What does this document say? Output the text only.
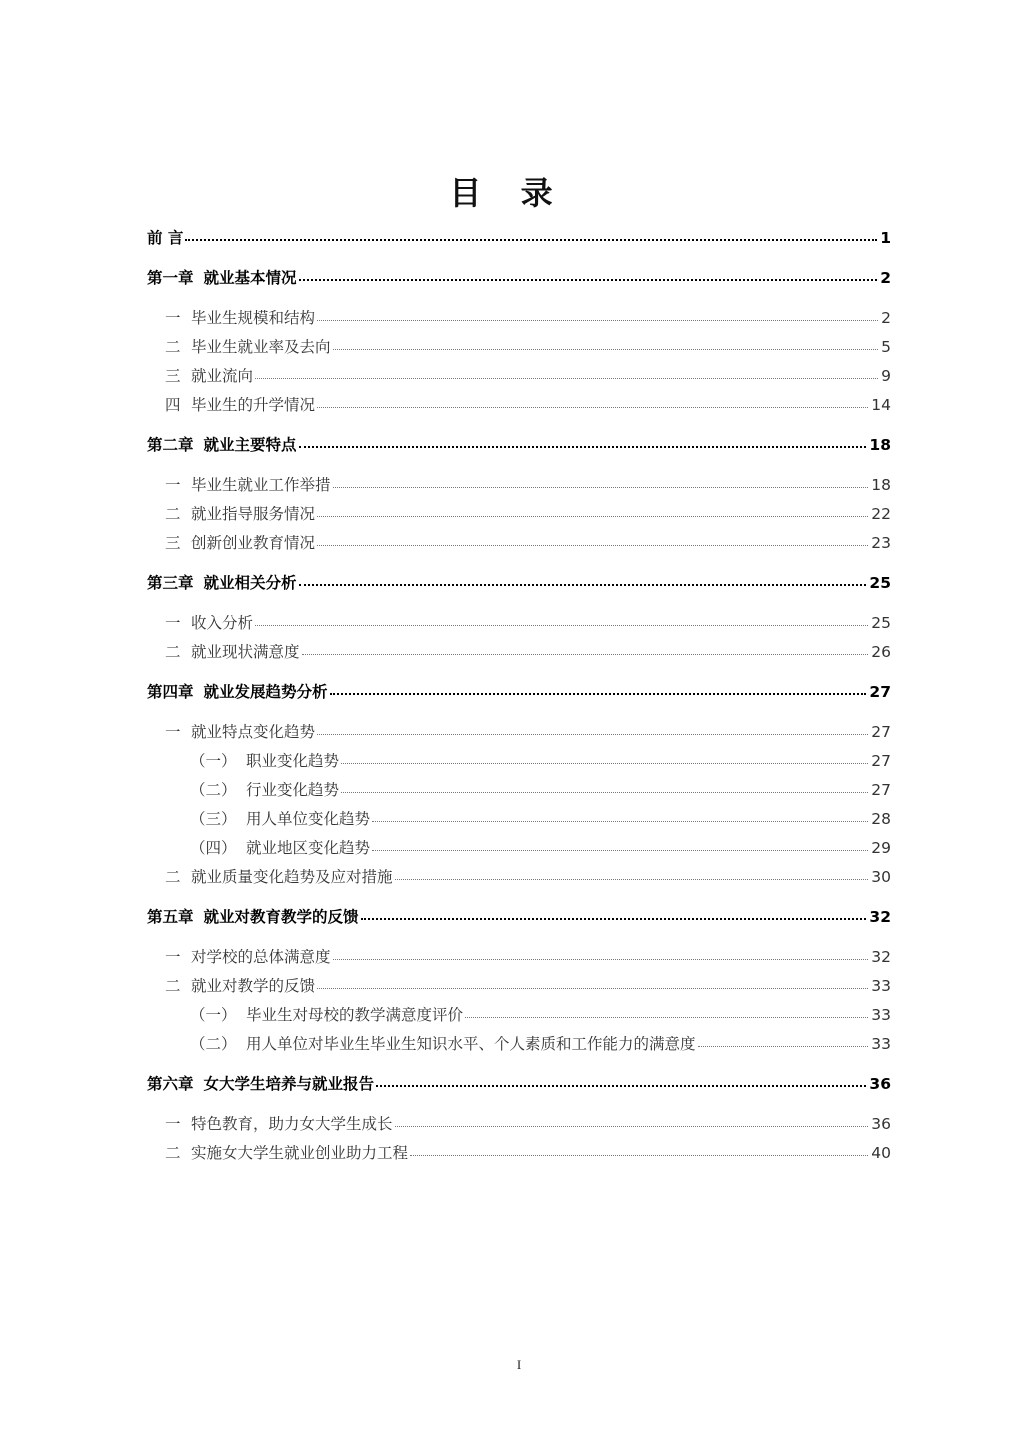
目 录
前 言	1
第一章 就业基本情况	2
一 毕业生规模和结构	2
二 毕业生就业率及去向	5
三 就业流向	9
四 毕业生的升学情况	14
第二章 就业主要特点	18
一 毕业生就业工作举措	18
二 就业指导服务情况	22
三 创新创业教育情况	23
第三章 就业相关分析	25
一 收入分析	25
二 就业现状满意度	26
第四章 就业发展趋势分析	27
一 就业特点变化趋势	27
（一） 职业变化趋势	27
（二） 行业变化趋势	27
（三） 用人单位变化趋势	28
（四） 就业地区变化趋势	29
二 就业质量变化趋势及应对措施	30
第五章 就业对教育教学的反馈	32
一 对学校的总体满意度	32
二 就业对教学的反馈	33
（一） 毕业生对母校的教学满意度评价	33
（二） 用人单位对毕业生毕业生知识水平、个人素质和工作能力的满意度	33
第六章 女大学生培养与就业报告	36
一 特色教育，助力女大学生成长	36
二 实施女大学生就业创业助力工程	40
I
